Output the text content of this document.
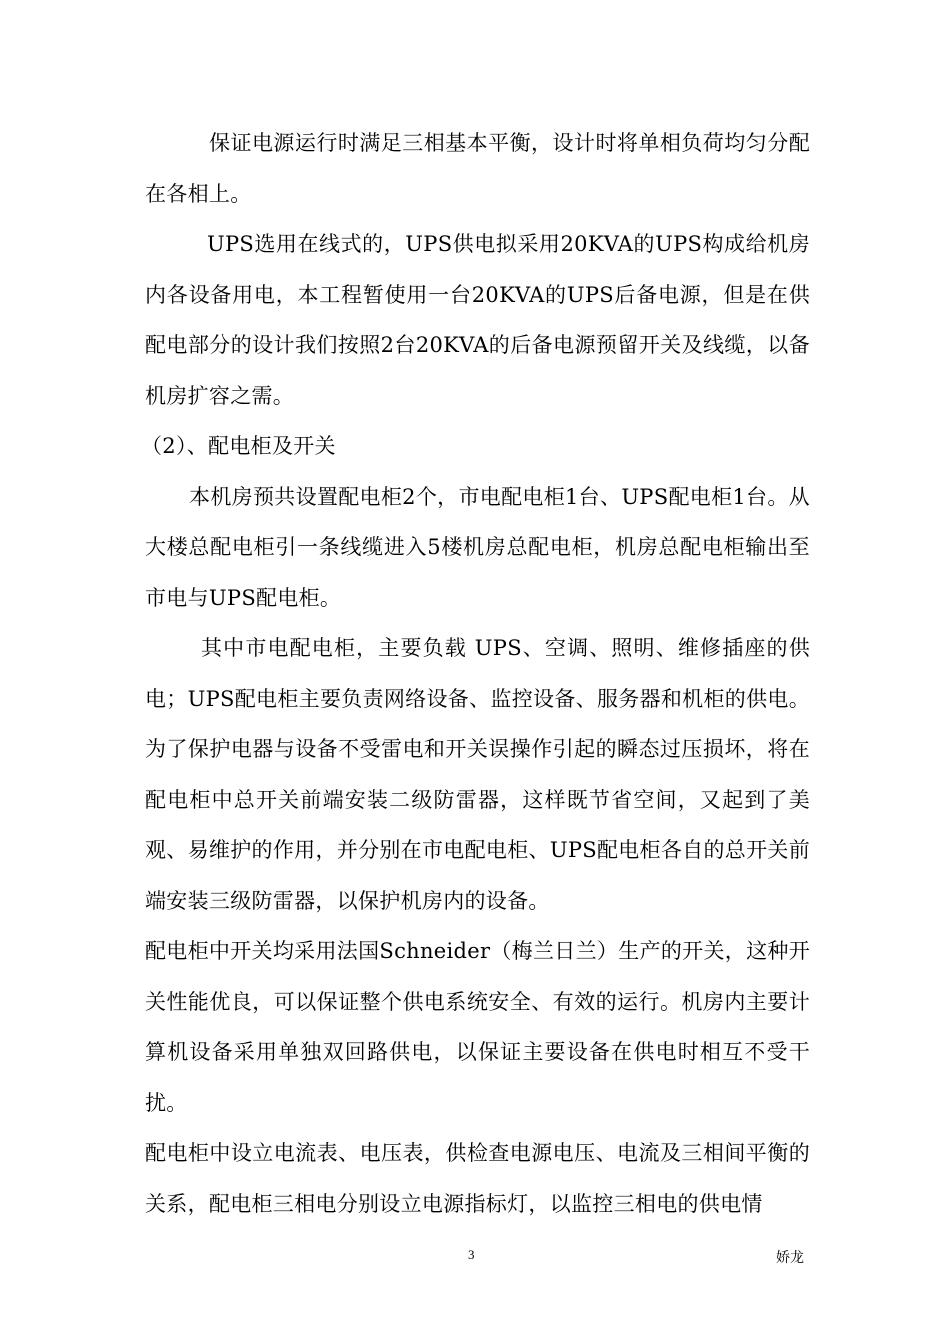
保证电源运行时满足三相基本平衡，设计时将单相负荷均匀分配在各相上。

UPS选用在线式的，UPS供电拟采用20KVA的UPS构成给机房内各设备用电，本工程暂使用一台20KVA的UPS后备电源，但是在供配电部分的设计我们按照2台20KVA的后备电源预留开关及线缆，以备机房扩容之需。

（2）、配电柜及开关

本机房预共设置配电柜2个，市电配电柜1台、UPS配电柜1台。从大楼总配电柜引一条线缆进入5楼机房总配电柜，机房总配电柜输出至市电与UPS配电柜。

其中市电配电柜，主要负载 UPS、空调、照明、维修插座的供电；UPS配电柜主要负责网络设备、监控设备、服务器和机柜的供电。为了保护电器与设备不受雷电和开关误操作引起的瞬态过压损坏，将在配电柜中总开关前端安装二级防雷器，这样既节省空间，又起到了美观、易维护的作用，并分别在市电配电柜、UPS配电柜各自的总开关前端安装三级防雷器，以保护机房内的设备。

配电柜中开关均采用法国Schneider（梅兰日兰）生产的开关，这种开关性能优良，可以保证整个供电系统安全、有效的运行。机房内主要计算机设备采用单独双回路供电，以保证主要设备在供电时相互不受干扰。

配电柜中设立电流表、电压表，供检查电源电压、电流及三相间平衡的关系，配电柜三相电分别设立电源指标灯，以监控三相电的供电情

3	娇龙
